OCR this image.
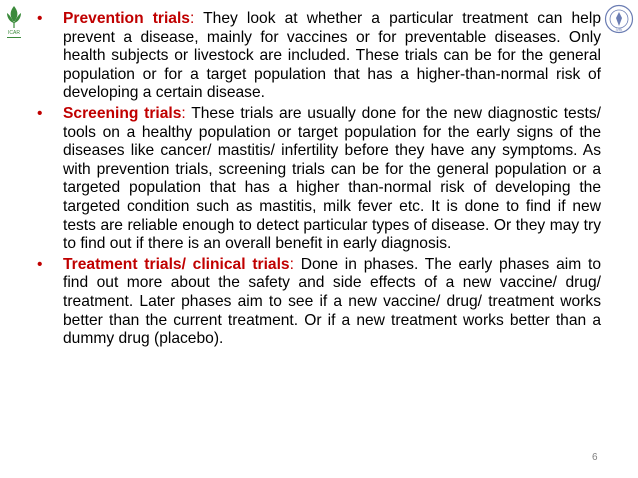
ICAR	IVRI
• Prevention trials: They look at whether a particular treatment can help prevent a disease, mainly for vaccines or for preventable diseases. Only health subjects or livestock are included. These trials can be for the general population or for a target population that has a higher-than-normal risk of developing a certain disease.
• Screening trials: These trials are usually done for the new diagnostic tests/ tools on a healthy population or target population for the early signs of the diseases like cancer/ mastitis/ infertility before they have any symptoms. As with prevention trials, screening trials can be for the general population or a targeted population that has a higher than-normal risk of developing the targeted condition such as mastitis, milk fever etc. It is done to find if new tests are reliable enough to detect particular types of disease. Or they may try to find out if there is an overall benefit in early diagnosis.
• Treatment trials/ clinical trials: Done in phases. The early phases aim to find out more about the safety and side effects of a new vaccine/ drug/ treatment. Later phases aim to see if a new vaccine/ drug/ treatment works better than the current treatment. Or if a new treatment works better than a dummy drug (placebo).
6
